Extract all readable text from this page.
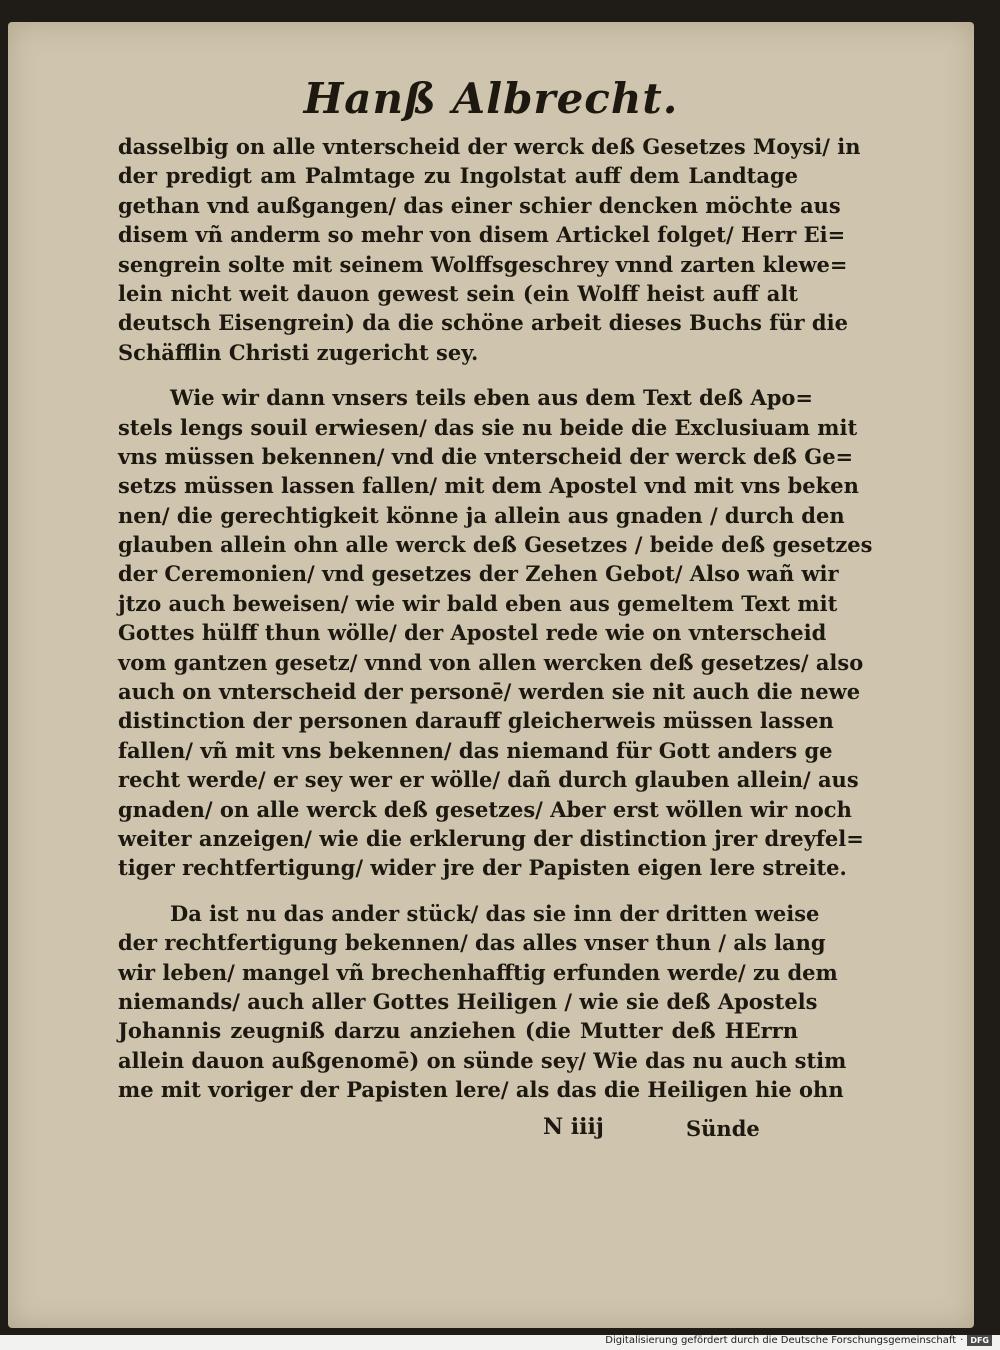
Hanß Albrecht.
dasselbig on alle vnterscheid der werck deß Gesetzes Moysi/ in
der predigt am Palmtage zu Ingolstat auff dem Landtage
gethan vnd außgangen/ das einer schier dencken möchte aus
disem vñ anderm so mehr von disem Artickel folget/ Herr Ei=
sengrein solte mit seinem Wolffsgeschrey vnnd zarten klewe=
lein nicht weit dauon gewest sein (ein Wolff heist auff alt
deutsch Eisengrein) da die schöne arbeit dieses Buchs für die
Schäfflin Christi zugericht sey.
Wie wir dann vnsers teils eben aus dem Text deß Apo=
stels lengs souil erwiesen/ das sie nu beide die Exclusiuam mit
vns müssen bekennen/ vnd die vnterscheid der werck deß Ge=
setzs müssen lassen fallen/ mit dem Apostel vnd mit vns beken
nen/ die gerechtigkeit könne ja allein aus gnaden / durch den
glauben allein ohn alle werck deß Gesetzes / beide deß gesetzes
der Ceremonien/ vnd gesetzes der Zehen Gebot/ Also wañ wir
jtzo auch beweisen/ wie wir bald eben aus gemeltem Text mit
Gottes hülff thun wölle/ der Apostel rede wie on vnterscheid
vom gantzen gesetz/ vnnd von allen wercken deß gesetzes/ also
auch on vnterscheid der personē/ werden sie nit auch die newe
distinction der personen darauff gleicherweis müssen lassen
fallen/ vñ mit vns bekennen/ das niemand für Gott anders ge
recht werde/ er sey wer er wölle/ dañ durch glauben allein/ aus
gnaden/ on alle werck deß gesetzes/ Aber erst wöllen wir noch
weiter anzeigen/ wie die erklerung der distinction jrer dreyfel=
tiger rechtfertigung/ wider jre der Papisten eigen lere streite.
Da ist nu das ander stück/ das sie inn der dritten weise
der rechtfertigung bekennen/ das alles vnser thun / als lang
wir leben/ mangel vñ brechenhafftig erfunden werde/ zu dem
niemands/ auch aller Gottes Heiligen / wie sie deß Apostels
Johannis zeugniß darzu anziehen (die Mutter deß HErrn
allein dauon außgenomē) on sünde sey/ Wie das nu auch stim
me mit voriger der Papisten lere/ als das die Heiligen hie ohn
N iiij	Sünde
Digitalisierung gefördert durch die Deutsche Forschungsgemeinschaft · DFG
